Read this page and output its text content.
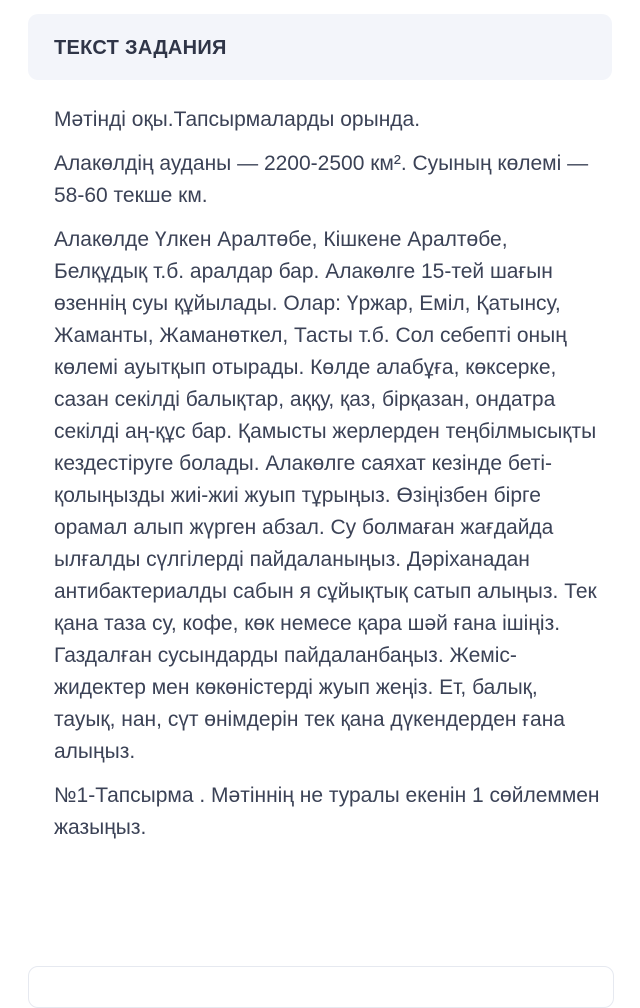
ТЕКСТ ЗАДАНИЯ

Мәтінді оқы.Тапсырмаларды орында.

Алакөлдің ауданы — 2200-2500 км². Суының көлемі — 58-60 текше км.

Алакөлде Үлкен Аралтөбе, Кішкене Аралтөбе, Белқұдық т.б. аралдар бар. Алакөлге 15-тей шағын өзеннің суы құйылады. Олар: Үржар, Еміл, Қатынсу, Жаманты, Жаманөткел, Тасты т.б. Сол себепті оның көлемі ауытқып отырады. Көлде алабұға, көксерке, сазан секілді балықтар, аққу, қаз, бірқазан, ондатра секілді аң-құс бар. Қамысты жерлерден теңбілмысықты кездестіруге болады. Алакөлге саяхат кезінде беті-қолыңызды жиі-жиі жуып тұрыңыз. Өзіңізбен бірге орамал алып жүрген абзал. Су болмаған жағдайда ылғалды сүлгілерді пайдаланыңыз. Дәріханадан антибактериалды сабын я сұйықтық сатып алыңыз. Тек қана таза су, кофе, көк немесе қара шәй ғана ішіңіз. Газдалған сусындарды пайдаланбаңыз. Жеміс-жидектер мен көкөністерді жуып жеңіз. Ет, балық, тауық, нан, сүт өнімдерін тек қана дүкендерден ғана алыңыз.

№1-Тапсырма . Мәтіннің не туралы екенін 1 сөйлеммен жазыңыз.
